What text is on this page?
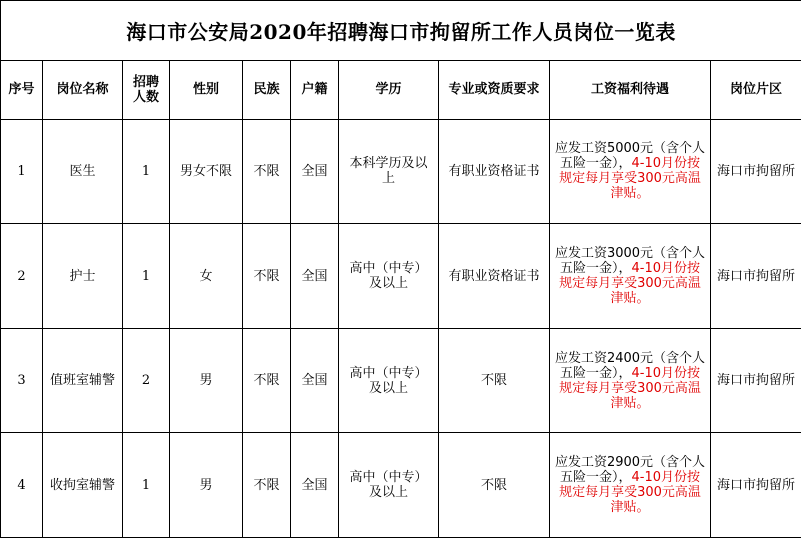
海口市公安局2020年招聘海口市拘留所工作人员岗位一览表									
序号	岗位名称	招聘人数	性别	民族	户籍	学历	专业或资质要求	工资福利待遇	岗位片区
1	医生	1	男女不限	不限	全国	本科学历及以上	有职业资格证书	应发工资5000元（含个人五险一金），4-10月份按规定每月享受300元高温津贴。	海口市拘留所
2	护士	1	女	不限	全国	高中（中专）及以上	有职业资格证书	应发工资3000元（含个人五险一金），4-10月份按规定每月享受300元高温津贴。	海口市拘留所
3	值班室辅警	2	男	不限	全国	高中（中专）及以上	不限	应发工资2400元（含个人五险一金），4-10月份按规定每月享受300元高温津贴。	海口市拘留所
4	收拘室辅警	1	男	不限	全国	高中（中专）及以上	不限	应发工资2900元（含个人五险一金），4-10月份按规定每月享受300元高温津贴。	海口市拘留所
